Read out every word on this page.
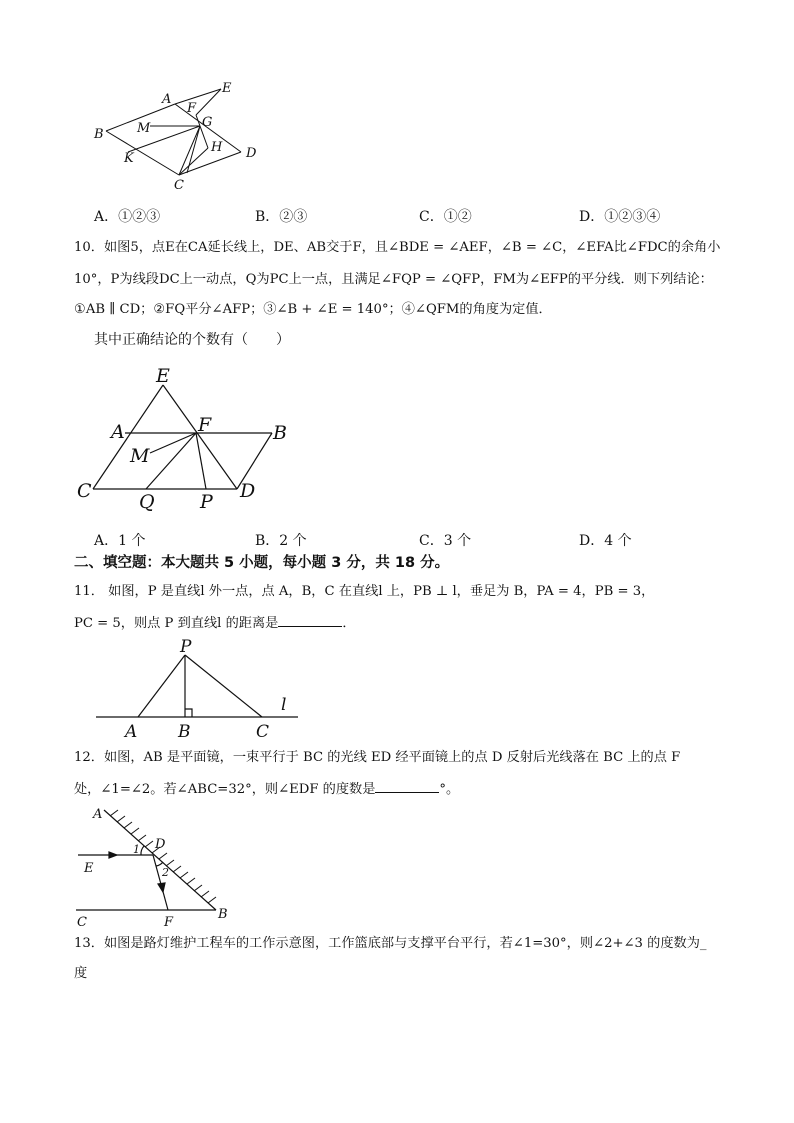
A
E
F
M	G
B
H
K	D
C
A．①②③	B．②③	C．①②	D．①②③④
10．如图5，点E在CA延长线上，DE、AB交于F，且∠BDE = ∠AEF，∠B = ∠C，∠EFA比∠FDC的余角小
10°，P为线段DC上一动点，Q为PC上一点，且满足∠FQP = ∠QFP，FM为∠EFP的平分线．则下列结论：
①AB ∥ CD；②FQ平分∠AFP；③∠B + ∠E = 140°；④∠QFM的角度为定值．
其中正确结论的个数有（　　）
E
A	F	B
M
C Q P D
A．1 个	B．2 个	C．3 个	D．4 个
二、填空题：本大题共 5 小题，每小题 3 分，共 18 分。
11． 如图，P 是直线l 外一点，点 A，B，C 在直线l 上，PB ⊥ l，垂足为 B，PA = 4，PB = 3，
PC = 5，则点 P 到直线l 的距离是	．
P
l
A B	C
12．如图，AB 是平面镜，一束平行于 BC 的光线 ED 经平面镜上的点 D 反射后光线落在 BC 上的点 F
处，∠1=∠2。若∠ABC=32°，则∠EDF 的度数是	°。
A
D
1
2
E
C	F
B
13．如图是路灯维护工程车的工作示意图，工作篮底部与支撑平台平行，若∠1=30°，则∠2+∠3 的度数为_
度
